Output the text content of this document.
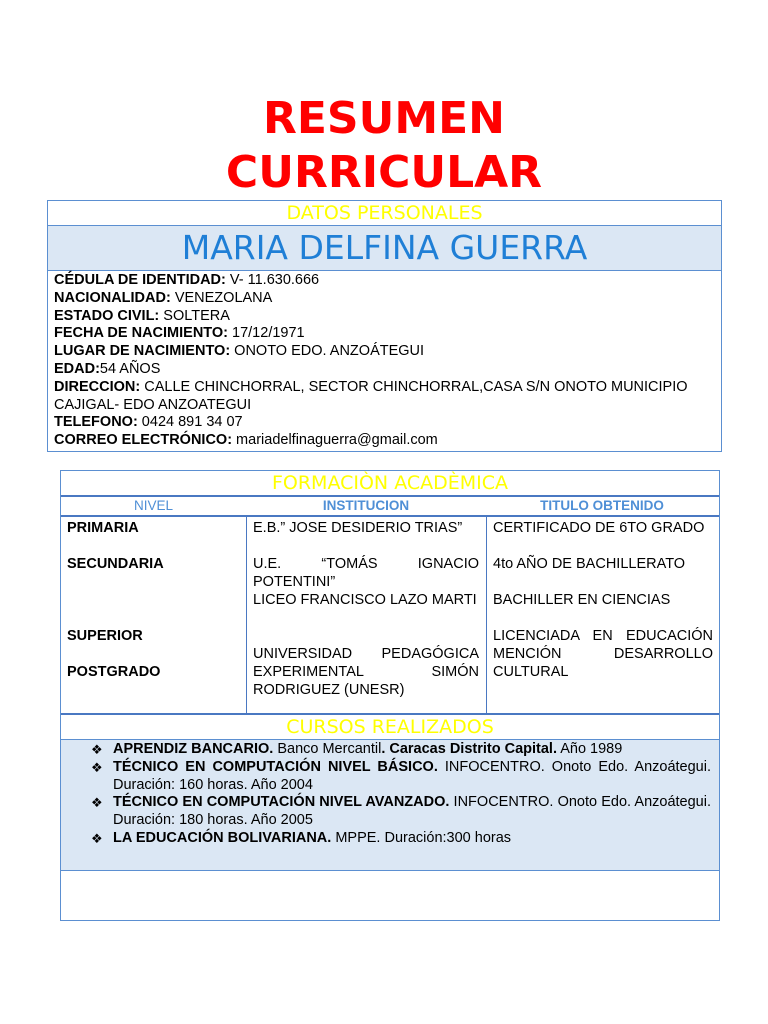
RESUMEN
CURRICULAR
DATOS PERSONALES
MARIA DELFINA GUERRA
CÉDULA DE IDENTIDAD: V- 11.630.666
NACIONALIDAD: VENEZOLANA
ESTADO CIVIL: SOLTERA
FECHA DE NACIMIENTO: 17/12/1971
LUGAR DE NACIMIENTO: ONOTO EDO. ANZOÁTEGUI
EDAD:54 AÑOS
DIRECCION: CALLE CHINCHORRAL, SECTOR CHINCHORRAL,CASA S/N ONOTO MUNICIPIO CAJIGAL- EDO ANZOATEGUI
TELEFONO: 0424 891 34 07
CORREO ELECTRÓNICO: mariadelfinaguerra@gmail.com
FORMACIÒN ACADÈMICA
NIVEL	INSTITUCION	TITULO OBTENIDO
PRIMARIA
SECUNDARIA
SUPERIOR
POSTGRADO
E.B.” JOSE DESIDERIO TRIAS”
U.E. “TOMÁS IGNACIO POTENTINI”
LICEO FRANCISCO LAZO MARTI
UNIVERSIDAD PEDAGÓGICA EXPERIMENTAL SIMÓN RODRIGUEZ (UNESR)
CERTIFICADO DE 6TO GRADO
4to AÑO DE BACHILLERATO
BACHILLER EN CIENCIAS
LICENCIADA EN EDUCACIÓN MENCIÓN DESARROLLO CULTURAL
CURSOS REALIZADOS
❖ APRENDIZ BANCARIO. Banco Mercantil. Caracas Distrito Capital. Año 1989
❖ TÉCNICO EN COMPUTACIÓN NIVEL BÁSICO. INFOCENTRO. Onoto Edo. Anzoátegui. Duración: 160 horas. Año 2004
❖ TÉCNICO EN COMPUTACIÓN NIVEL AVANZADO. INFOCENTRO. Onoto Edo. Anzoátegui. Duración: 180 horas. Año 2005
❖ LA EDUCACIÓN BOLIVARIANA. MPPE. Duración:300 horas
